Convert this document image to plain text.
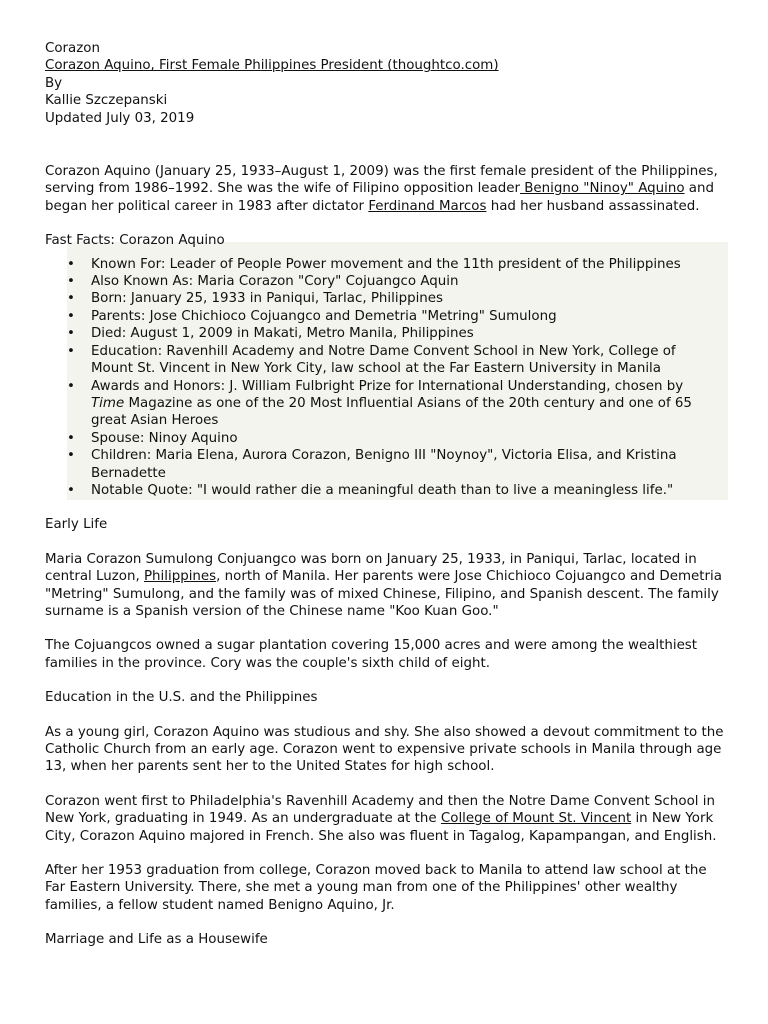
Corazon

Corazon Aquino, First Female Philippines President (thoughtco.com)

By

Kallie Szczepanski

Updated July 03, 2019

Corazon Aquino (January 25, 1933–August 1, 2009) was the first female president of the Philippines, serving from 1986–1992. She was the wife of Filipino opposition leader Benigno "Ninoy" Aquino and began her political career in 1983 after dictator Ferdinand Marcos had her husband assassinated.

Fast Facts: Corazon Aquino

• Known For: Leader of People Power movement and the 11th president of the Philippines
• Also Known As: Maria Corazon "Cory" Cojuangco Aquin
• Born: January 25, 1933 in Paniqui, Tarlac, Philippines
• Parents: Jose Chichioco Cojuangco and Demetria "Metring" Sumulong
• Died: August 1, 2009 in Makati, Metro Manila, Philippines
• Education: Ravenhill Academy and Notre Dame Convent School in New York, College of Mount St. Vincent in New York City, law school at the Far Eastern University in Manila
• Awards and Honors: J. William Fulbright Prize for International Understanding, chosen by Time Magazine as one of the 20 Most Influential Asians of the 20th century and one of 65 great Asian Heroes
• Spouse: Ninoy Aquino
• Children: Maria Elena, Aurora Corazon, Benigno III "Noynoy", Victoria Elisa, and Kristina Bernadette
• Notable Quote: "I would rather die a meaningful death than to live a meaningless life."

Early Life

Maria Corazon Sumulong Conjuangco was born on January 25, 1933, in Paniqui, Tarlac, located in central Luzon, Philippines, north of Manila. Her parents were Jose Chichioco Cojuangco and Demetria "Metring" Sumulong, and the family was of mixed Chinese, Filipino, and Spanish descent. The family surname is a Spanish version of the Chinese name "Koo Kuan Goo."

The Cojuangcos owned a sugar plantation covering 15,000 acres and were among the wealthiest families in the province. Cory was the couple's sixth child of eight.

Education in the U.S. and the Philippines

As a young girl, Corazon Aquino was studious and shy. She also showed a devout commitment to the Catholic Church from an early age. Corazon went to expensive private schools in Manila through age 13, when her parents sent her to the United States for high school.

Corazon went first to Philadelphia's Ravenhill Academy and then the Notre Dame Convent School in New York, graduating in 1949. As an undergraduate at the College of Mount St. Vincent in New York City, Corazon Aquino majored in French. She also was fluent in Tagalog, Kapampangan, and English.

After her 1953 graduation from college, Corazon moved back to Manila to attend law school at the Far Eastern University. There, she met a young man from one of the Philippines' other wealthy families, a fellow student named Benigno Aquino, Jr.

Marriage and Life as a Housewife
